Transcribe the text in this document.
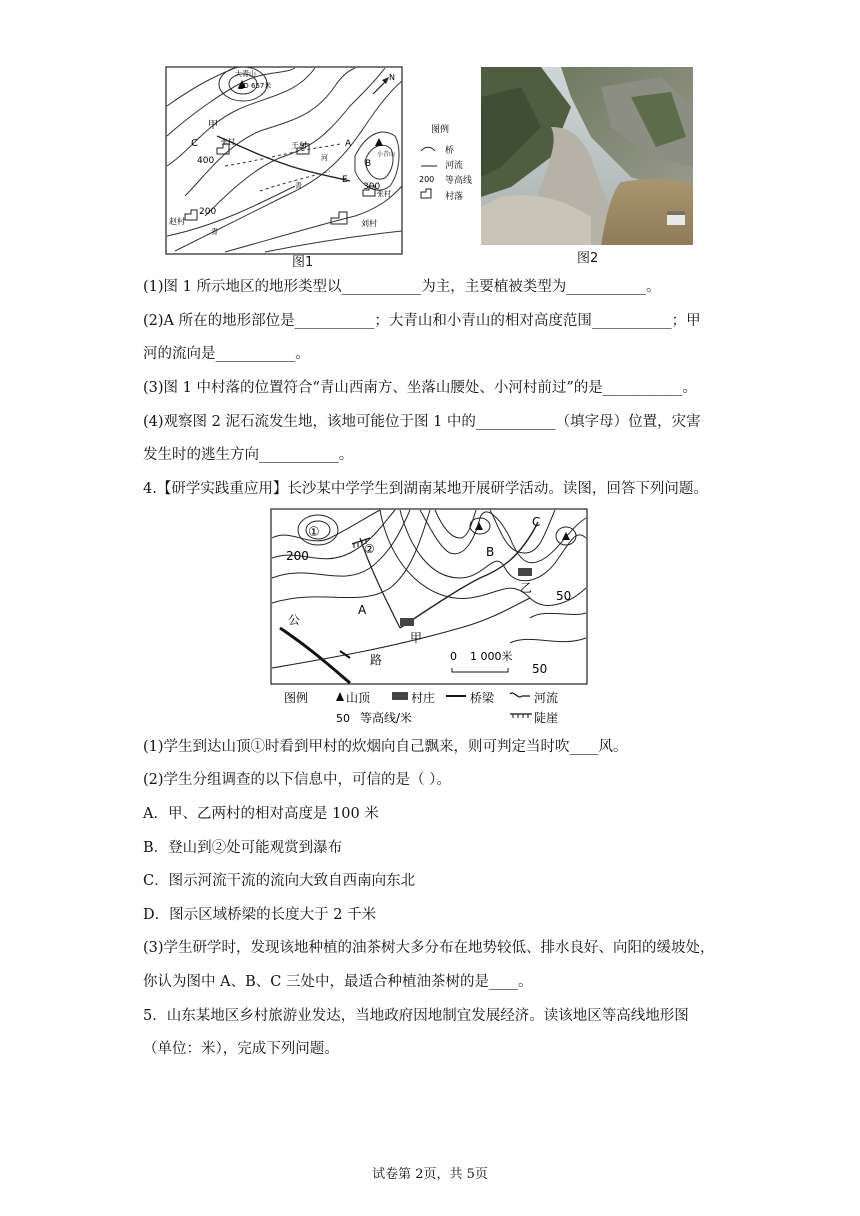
大青山
▲D 657米
N
甲
C
400
张村	王村
河
A
B
小青山
E
300
张村
赵村
200
青
青
刘村
图例
桥
河流
200 等高线
村落
图1	图2
(1)图 1 所示地区的地形类型以___________为主，主要植被类型为___________。
(2)A 所在的地形部位是___________；大青山和小青山的相对高度范围___________；甲
河的流向是___________。
(3)图 1 中村落的位置符合“青山西南方、坐落山腰处、小河村前过”的是___________。
(4)观察图 2 泥石流发生地，该地可能位于图 1 中的___________（填字母）位置，灾害
发生时的逃生方向___________。
4.【研学实践重应用】长沙某中学学生到湖南某地开展研学活动。读图，回答下列问题。
①
②
200
A
B
C
甲
乙
50
50
公
路	0 1 000米
图例	山顶	村庄	桥梁	河流
50 等高线/米	陡崖
(1)学生到达山顶①时看到甲村的炊烟向自己飘来，则可判定当时吹____风。
(2)学生分组调查的以下信息中，可信的是（ ）。
A．甲、乙两村的相对高度是 100 米
B．登山到②处可能观赏到瀑布
C．图示河流干流的流向大致自西南向东北
D．图示区域桥梁的长度大于 2 千米
(3)学生研学时，发现该地种植的油茶树大多分布在地势较低、排水良好、向阳的缓坡处，
你认为图中 A、B、C 三处中，最适合种植油茶树的是____。
5．山东某地区乡村旅游业发达，当地政府因地制宜发展经济。读该地区等高线地形图
（单位：米），完成下列问题。
试卷第 2页，共 5页
